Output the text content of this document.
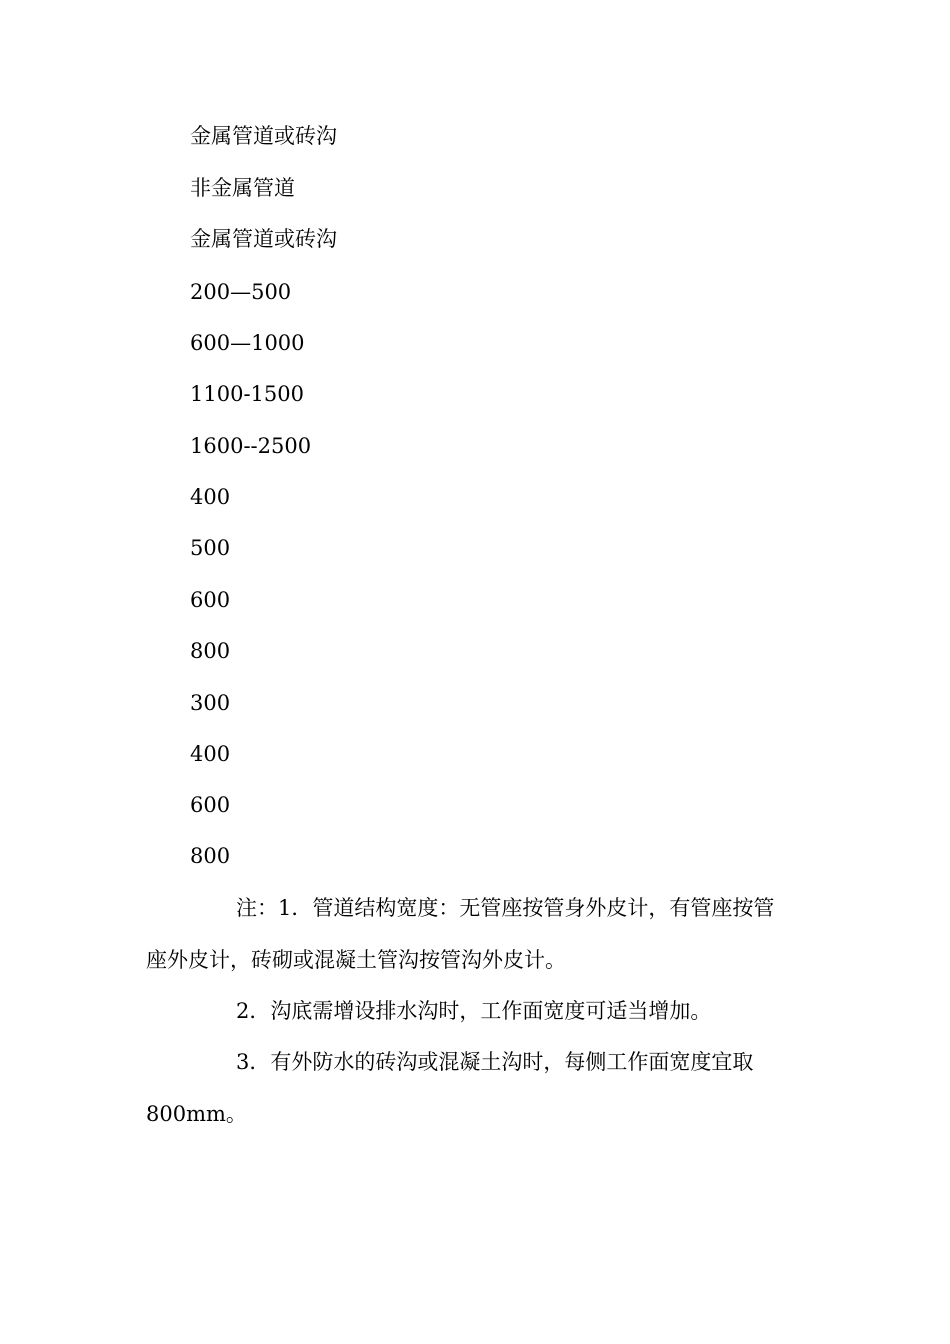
金属管道或砖沟
非金属管道
金属管道或砖沟
200—500
600—1000
1100-1500
1600--2500
400
500
600
800
300
400
600
800
注：1．管道结构宽度：无管座按管身外皮计，有管座按管
座外皮计，砖砌或混凝土管沟按管沟外皮计。
2．沟底需增设排水沟时，工作面宽度可适当增加。
3．有外防水的砖沟或混凝土沟时，每侧工作面宽度宜取
800mm。
